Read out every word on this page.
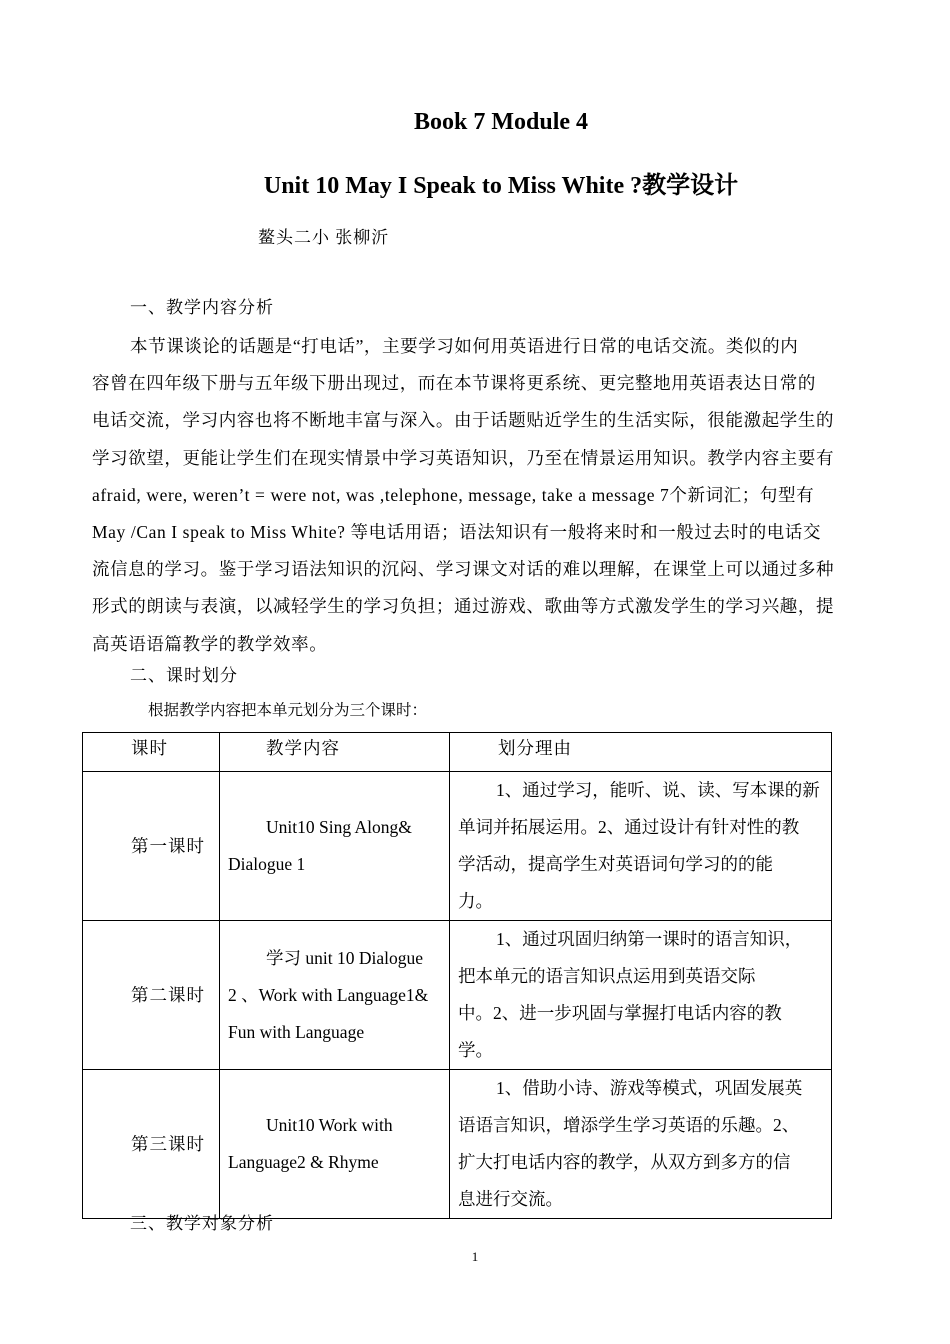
Book 7 Module 4
Unit 10 May I Speak to Miss White ?教学设计
鳌头二小 张柳沂
一、教学内容分析
本节课谈论的话题是“打电话”，主要学习如何用英语进行日常的电话交流。类似的内
容曾在四年级下册与五年级下册出现过，而在本节课将更系统、更完整地用英语表达日常的
电话交流，学习内容也将不断地丰富与深入。由于话题贴近学生的生活实际，很能激起学生的
学习欲望，更能让学生们在现实情景中学习英语知识，乃至在情景运用知识。教学内容主要有
afraid, were, weren’t = were not, was ,telephone, message, take a message 7个新词汇；句型有
May /Can I speak to Miss White? 等电话用语；语法知识有一般将来时和一般过去时的电话交
流信息的学习。鉴于学习语法知识的沉闷、学习课文对话的难以理解，在课堂上可以通过多种
形式的朗读与表演，以减轻学生的学习负担；通过游戏、歌曲等方式激发学生的学习兴趣，提
高英语语篇教学的教学效率。
二、课时划分
根据教学内容把本单元划分为三个课时：
课时	教学内容	划分理由

第一课时	Unit10 Sing Along&
Dialogue 1	1、通过学习，能听、说、读、写本课的新
单词并拓展运用。2、通过设计有针对性的教
学活动，提高学生对英语词句学习的的能
力。

第二课时	学习 unit 10 Dialogue
2 、Work with Language1&
Fun with Language	1、通过巩固归纳第一课时的语言知识，
把本单元的语言知识点运用到英语交际
中。2、进一步巩固与掌握打电话内容的教
学。

第三课时	Unit10 Work with
Language2 & Rhyme	1、借助小诗、游戏等模式，巩固发展英
语语言知识，增添学生学习英语的乐趣。2、
扩大打电话内容的教学，从双方到多方的信
息进行交流。
三、教学对象分析
1
